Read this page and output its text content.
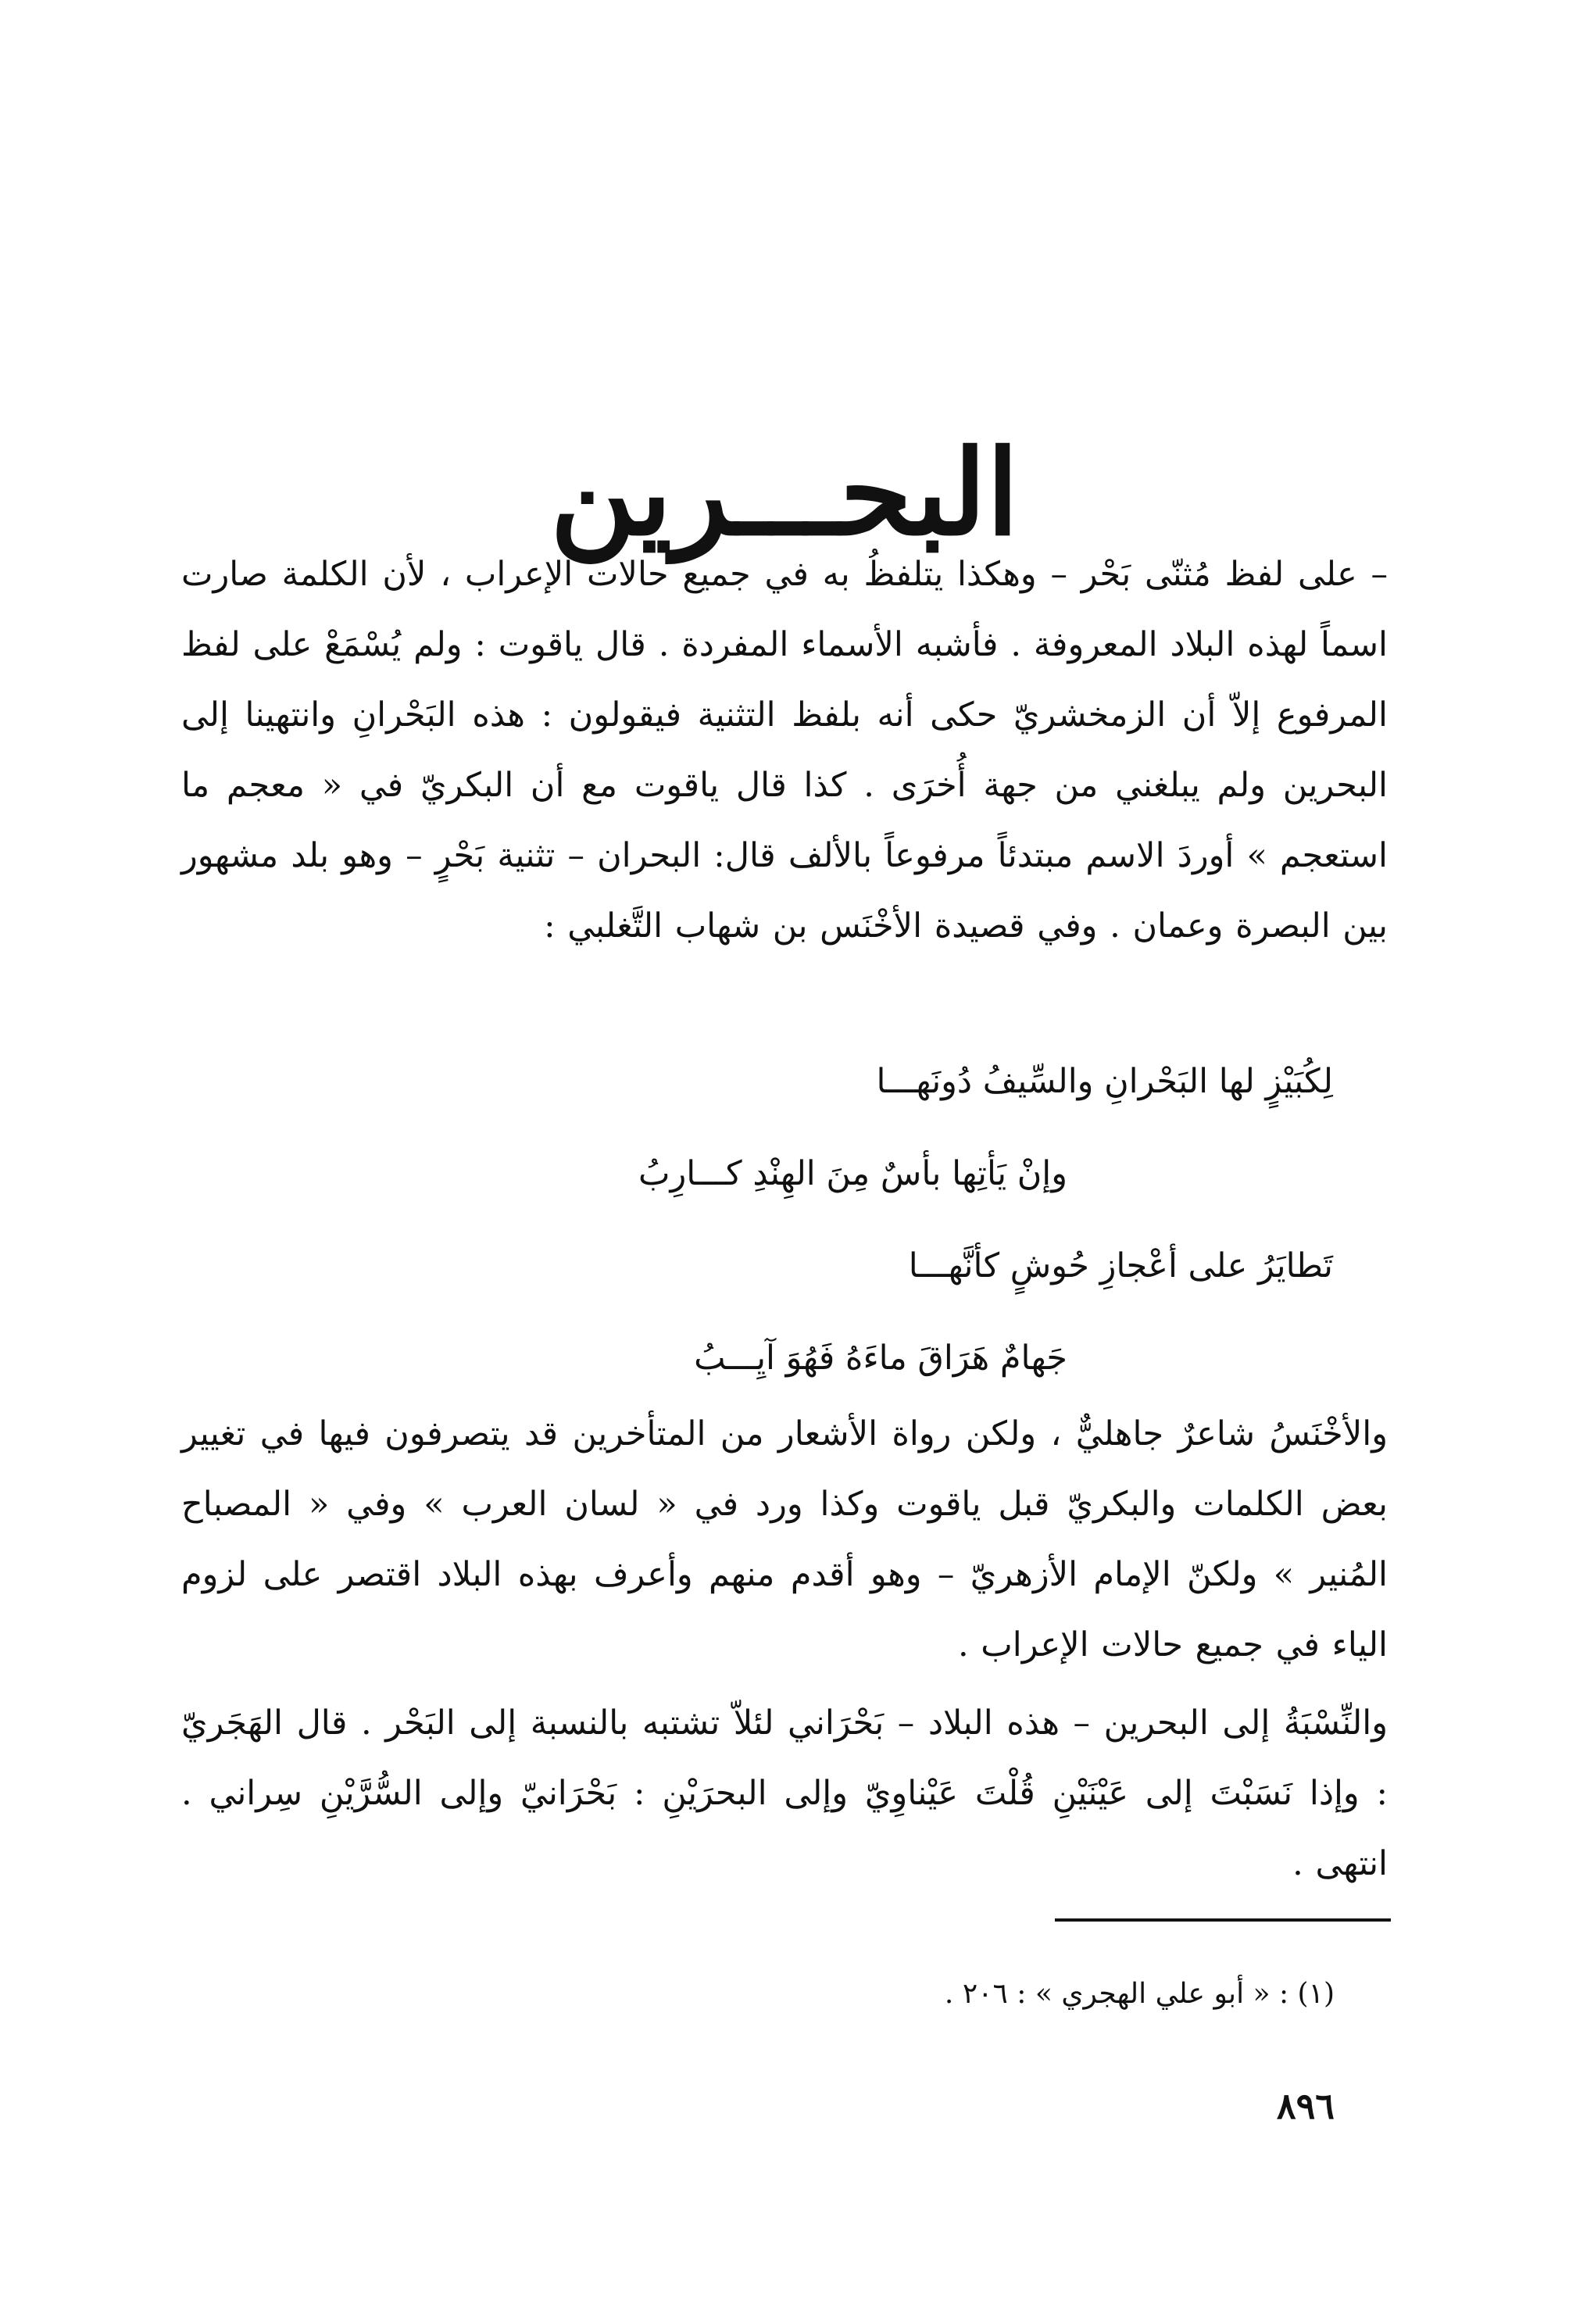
البحـــرين

– على لفظ مُثنّى بَحْر – وهكذا يتلفظُ به في جميع حالات الإعراب ، لأن الكلمة صارت اسماً لهذه البلاد المعروفة . فأشبه الأسماء المفردة . قال ياقوت : ولم يُسْمَعْ على لفظ المرفوع إلاّ أن الزمخشريّ حكى أنه بلفظ التثنية فيقولون : هذه البَحْرانِ وانتهينا إلى البحرين ولم يبلغني من جهة أُخرَى . كذا قال ياقوت مع أن البكريّ في « معجم ما استعجم » أوردَ الاسم مبتدئاً مرفوعاً بالألف قال: البحران – تثنية بَحْرٍ – وهو بلد مشهور بين البصرة وعمان . وفي قصيدة الأخْنَس بن شهاب التَّغلبي :

لِكُبَيْزٍ لها البَحْرانِ والسِّيفُ دُونَهـــا
وإنْ يَأتِها بأسٌ مِنَ الهِنْدِ كـــارِبُ
تَطايَرُ على أعْجازِ حُوشٍ كأنَّهـــا
جَهامٌ هَرَاقَ ماءَهُ فَهُوَ آيِـــبُ

والأخْنَسُ شاعرٌ جاهليٌّ ، ولكن رواة الأشعار من المتأخرين قد يتصرفون فيها في تغيير بعض الكلمات والبكريّ قبل ياقوت وكذا ورد في « لسان العرب » وفي « المصباح المُنير » ولكنّ الإمام الأزهريّ – وهو أقدم منهم وأعرف بهذه البلاد اقتصر على لزوم الياء في جميع حالات الإعراب .

والنِّسْبَةُ إلى البحرين – هذه البلاد – بَحْرَاني لئلاّ تشتبه بالنسبة إلى البَحْر . قال الهَجَريّ : وإذا نَسَبْتَ إلى عَيْنَيْنِ قُلْتَ عَيْناوِيّ وإلى البحرَيْنِ : بَحْرَانيّ وإلى السُّرَّيْنِ سِراني . انتهى .

(١) : « أبو علي الهجري » : ٢٠٦ .
٨٩٦
